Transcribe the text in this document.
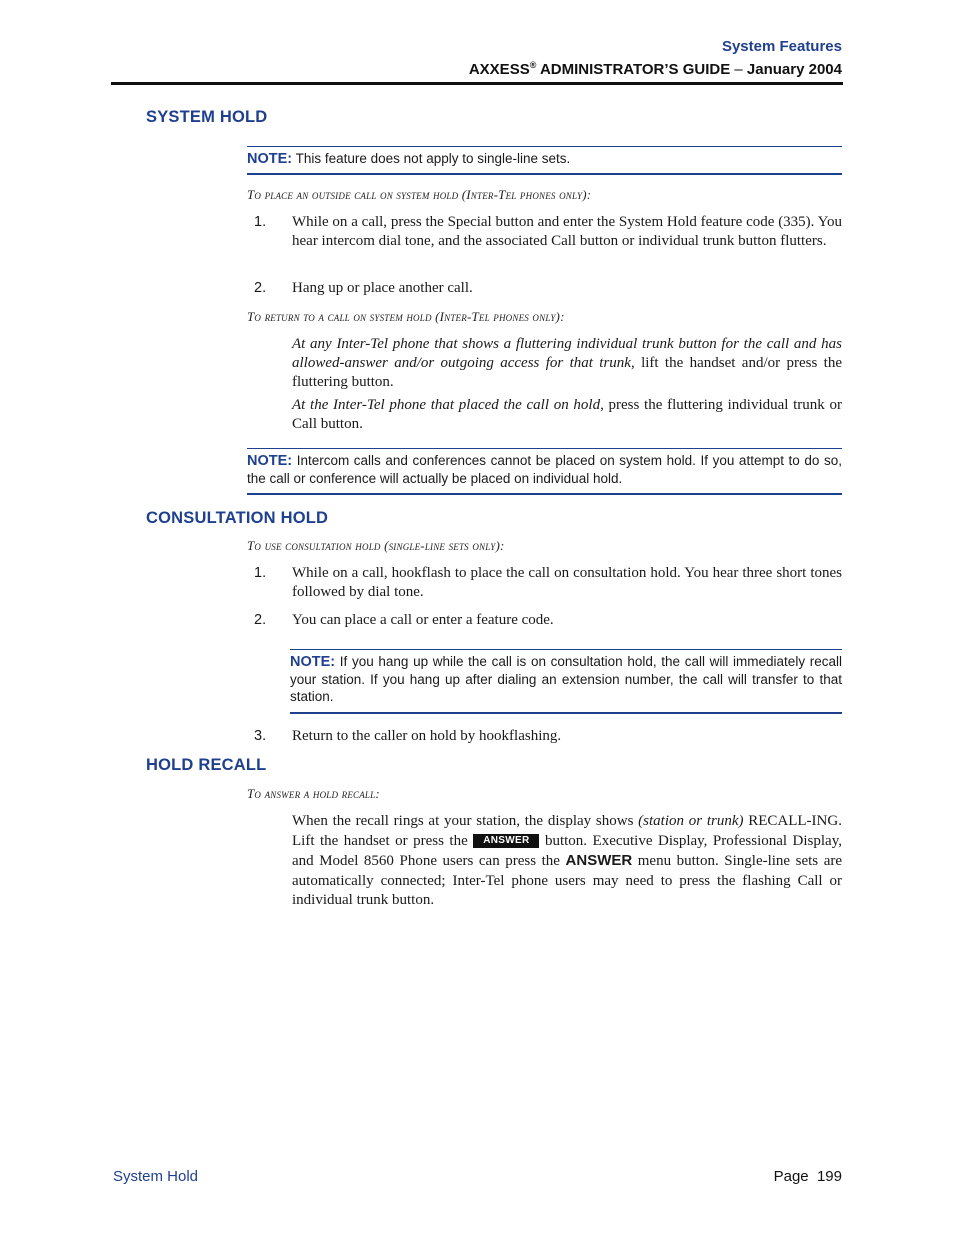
System Features
AXXESS® ADMINISTRATOR’S GUIDE – January 2004
SYSTEM HOLD
NOTE: This feature does not apply to single-line sets.
To place an outside call on system hold (Inter-Tel phones only):
1. While on a call, press the Special button and enter the System Hold feature code (335). You hear intercom dial tone, and the associated Call button or individual trunk button flutters.
2. Hang up or place another call.
To return to a call on system hold (Inter-Tel phones only):
At any Inter-Tel phone that shows a fluttering individual trunk button for the call and has allowed-answer and/or outgoing access for that trunk, lift the handset and/or press the fluttering button.
At the Inter-Tel phone that placed the call on hold, press the fluttering individual trunk or Call button.
NOTE: Intercom calls and conferences cannot be placed on system hold. If you attempt to do so, the call or conference will actually be placed on individual hold.
CONSULTATION HOLD
To use consultation hold (single-line sets only):
1. While on a call, hookflash to place the call on consultation hold. You hear three short tones followed by dial tone.
2. You can place a call or enter a feature code.
NOTE: If you hang up while the call is on consultation hold, the call will immediately recall your station. If you hang up after dialing an extension number, the call will transfer to that station.
3. Return to the caller on hold by hookflashing.
HOLD RECALL
To answer a hold recall:
When the recall rings at your station, the display shows (station or trunk) RECALL-ING. Lift the handset or press the ANSWER button. Executive Display, Professional Display, and Model 8560 Phone users can press the ANSWER menu button. Single-line sets are automatically connected; Inter-Tel phone users may need to press the flashing Call or individual trunk button.
System Hold	Page  199
